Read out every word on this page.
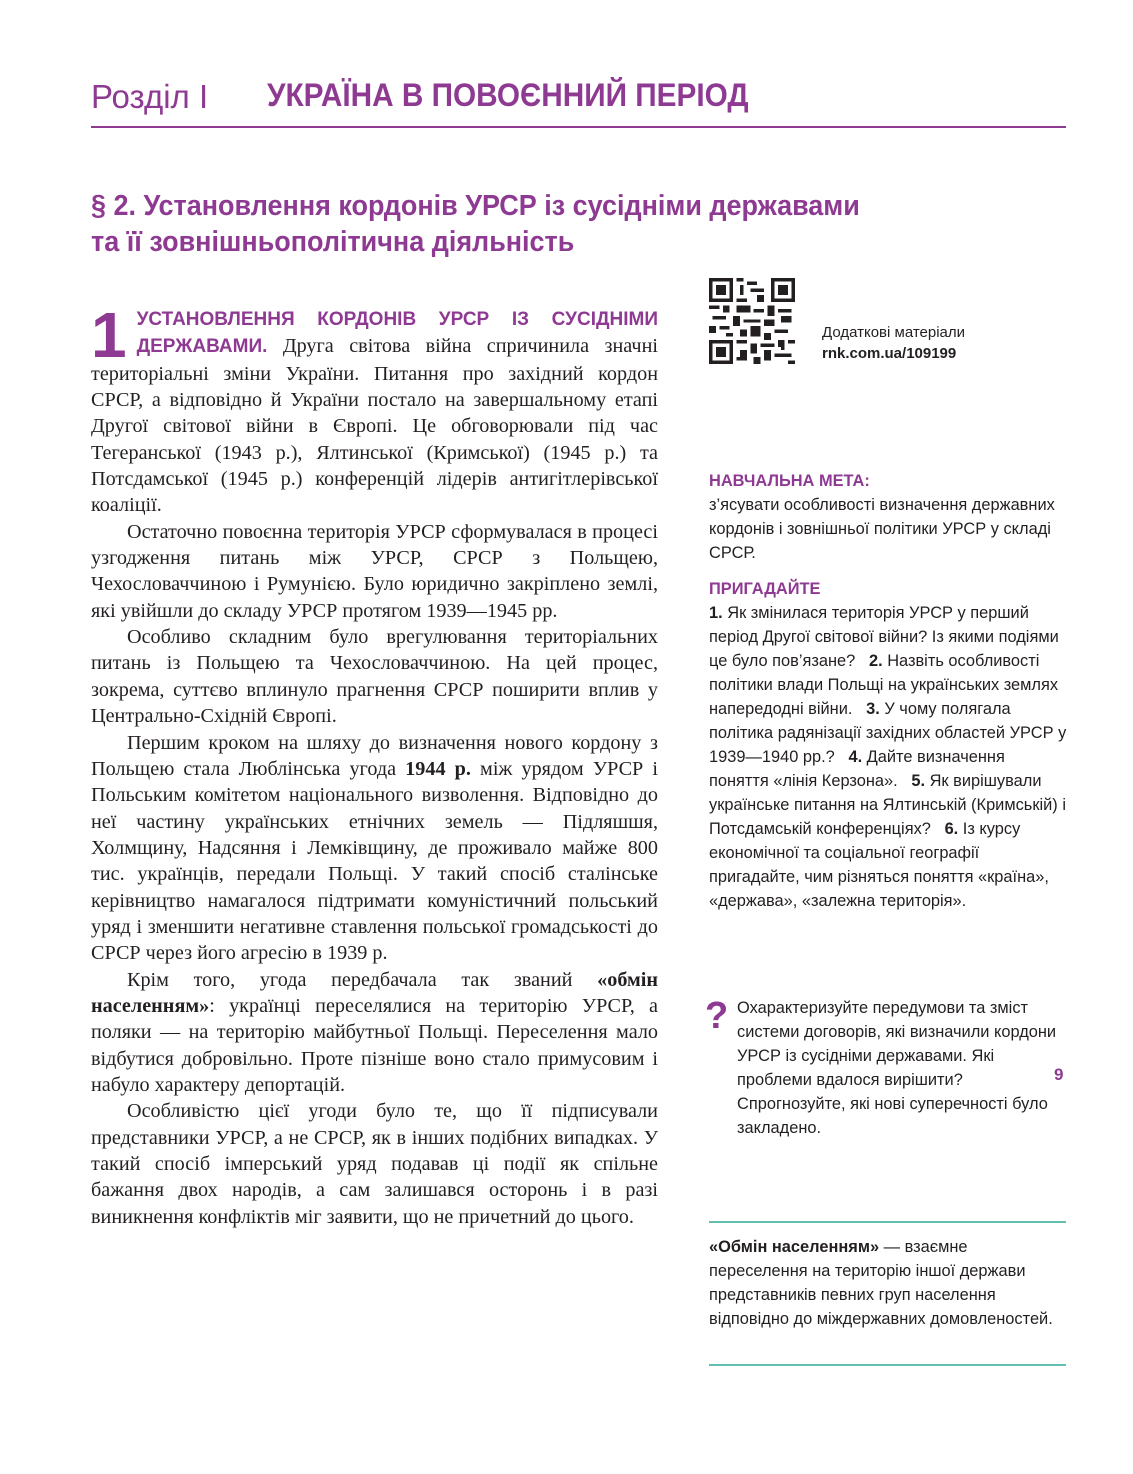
Розділ I УКРАЇНА В ПОВОЄННИЙ ПЕРІОД
§ 2. Установлення кордонів УРСР із сусідніми державами
та її зовнішньополітична діяльність
Додаткові матеріали
rnk.com.ua/109199

1 УСТАНОВЛЕННЯ КОРДОНІВ УРСР ІЗ СУСІДНІМИ ДЕРЖАВАМИ. Друга світова війна спричинила значні територіальні зміни України. Питання про західний кордон СРСР, а відповідно й України постало на завершальному етапі Другої світової війни в Європі. Це обговорювали під час Тегеранської (1943 р.), Ялтинської (Кримської) (1945 р.) та Потсдамської (1945 р.) конференцій лідерів антигітлерівської коаліції.

Остаточно повоєнна територія УРСР сформувалася в процесі узгодження питань між УРСР, СРСР з Польщею, Чехословаччиною і Румунією. Було юридично закріплено землі, які увійшли до складу УРСР протягом 1939—1945 рр.

Особливо складним було врегулювання територіальних питань із Польщею та Чехословаччиною. На цей процес, зокрема, суттєво вплинуло прагнення СРСР поширити вплив у Центрально-Східній Європі.

Першим кроком на шляху до визначення нового кордону з Польщею стала Люблінська угода 1944 р. між урядом УРСР і Польським комітетом національного визволення. Відповідно до неї частину українських етнічних земель — Підляшшя, Холмщину, Надсяння і Лемківщину, де проживало майже 800 тис. українців, передали Польщі. У такий спосіб сталінське керівництво намагалося підтримати комуністичний польський уряд і зменшити негативне ставлення польської громадськості до СРСР через його агресію в 1939 р.

Крім того, угода передбачала так званий «обмін населенням»: українці переселялися на територію УРСР, а поляки — на територію майбутньої Польщі. Переселення мало відбутися добровільно. Проте пізніше воно стало примусовим і набуло характеру депортацій.

Особливістю цієї угоди було те, що її підписували представники УРСР, а не СРСР, як в інших подібних випадках. У такий спосіб імперський уряд подавав ці події як спільне бажання двох народів, а сам залишався осторонь і в разі виникнення конфліктів міг заявити, що не причетний до цього.

НАВЧАЛЬНА МЕТА:

з’ясувати особливості визначення державних кордонів і зовнішньої політики УРСР у складі СРСР.

ПРИГАДАЙТЕ

1. Як змінилася територія УРСР у перший період Другої світової війни? Із якими подіями це було пов’язане? 2. Назвіть особливості політики влади Польщі на українських землях напередодні війни. 3. У чому полягала політика радянізації західних областей УРСР у 1939—1940 рр.? 4. Дайте визначення поняття «лінія Керзона». 5. Як вирішували українське питання на Ялтинській (Кримській) і Потсдамській конференціях? 6. Із курсу економічної та соціальної географії пригадайте, чим різняться поняття «країна», «держава», «залежна територія».

? Охарактеризуйте передумови та зміст системи договорів, які визначили кордони УРСР із сусідніми державами. Які проблеми вдалося вирішити? Спрогнозуйте, які нові суперечності було закладено.
«Обмін населенням» — взаємне переселення на територію іншої держави представників певних груп населення відповідно до міждержавних домовленостей.
9
